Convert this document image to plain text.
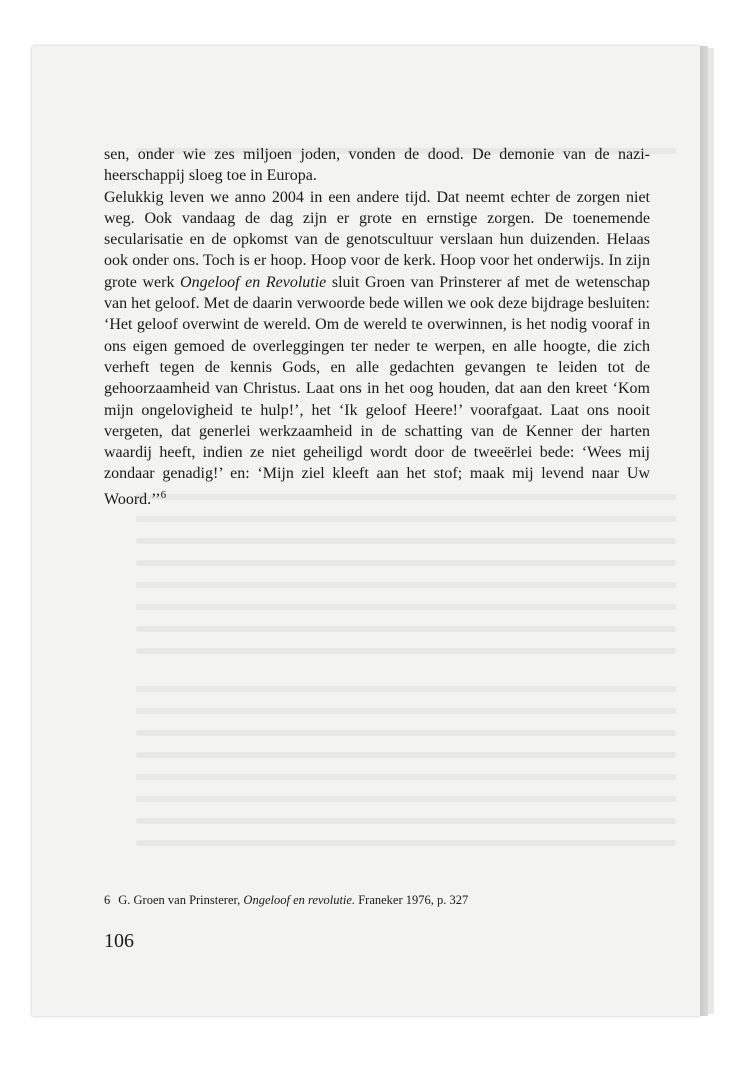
sen, onder wie zes miljoen joden, vonden de dood. De demonie van de nazi-heerschappij sloeg toe in Europa.

Gelukkig leven we anno 2004 in een andere tijd. Dat neemt echter de zorgen niet weg. Ook vandaag de dag zijn er grote en ernstige zorgen. De toenemende secularisatie en de opkomst van de genotscultuur verslaan hun duizenden. Helaas ook onder ons. Toch is er hoop. Hoop voor de kerk. Hoop voor het onderwijs. In zijn grote werk Ongeloof en Revolutie sluit Groen van Prinsterer af met de wetenschap van het geloof. Met de daarin verwoorde bede willen we ook deze bijdrage besluiten: ‘Het geloof overwint de wereld. Om de wereld te overwinnen, is het nodig vooraf in ons eigen gemoed de overleggingen ter neder te werpen, en alle hoogte, die zich verheft tegen de kennis Gods, en alle gedachten gevangen te leiden tot de gehoorzaamheid van Christus. Laat ons in het oog houden, dat aan den kreet ‘Kom mijn ongelovigheid te hulp!’, het ‘Ik geloof Heere!’ voorafgaat. Laat ons nooit vergeten, dat generlei werkzaamheid in de schatting van de Kenner der harten waardij heeft, indien ze niet geheiligd wordt door de tweeërlei bede: ‘Wees mij zondaar genadig!’ en: ‘Mijn ziel kleeft aan het stof; maak mij levend naar Uw Woord.’’$^6$

6 G. Groen van Prinsterer, Ongeloof en revolutie. Franeker 1976, p. 327
106
